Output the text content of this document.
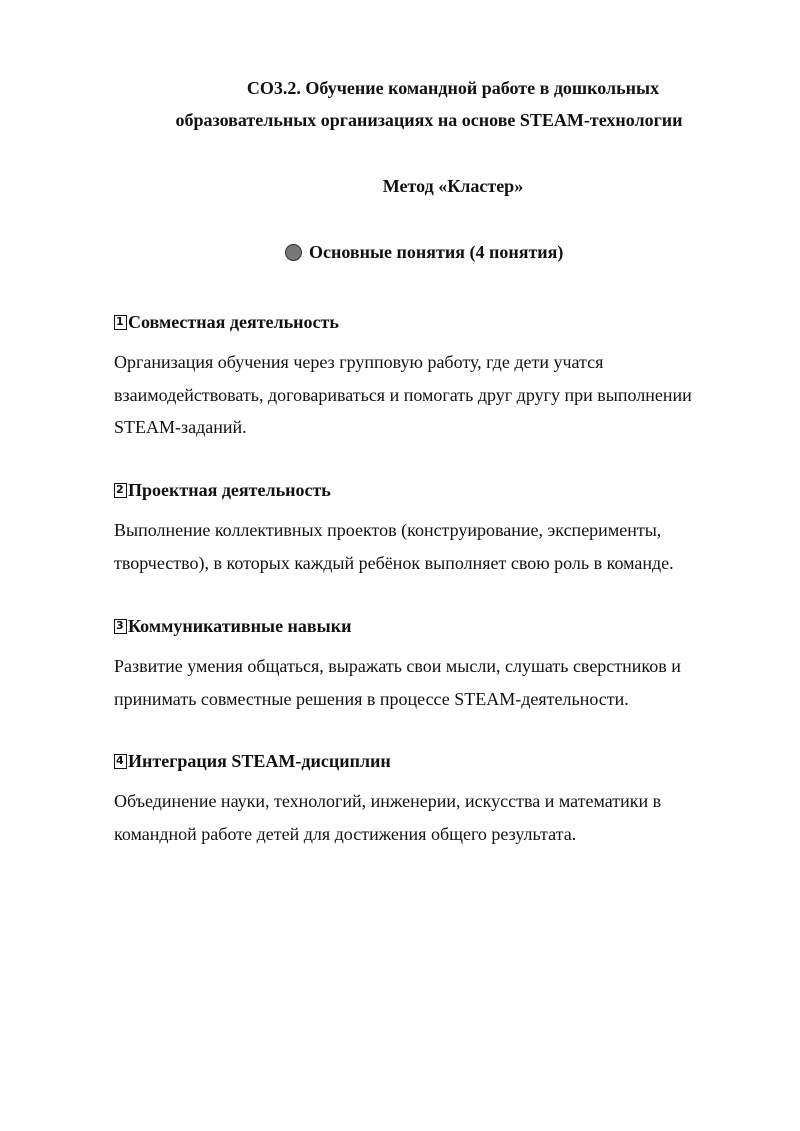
СО3.2. Обучение командной работе в дошкольных
образовательных организациях на основе STEAM-технологии
Метод «Кластер»
Основные понятия (4 понятия)
1 Совместная деятельность

Организация обучения через групповую работу, где дети учатся взаимодействовать, договариваться и помогать друг другу при выполнении STEAM-заданий.

2 Проектная деятельность

Выполнение коллективных проектов (конструирование, эксперименты, творчество), в которых каждый ребёнок выполняет свою роль в команде.

3 Коммуникативные навыки

Развитие умения общаться, выражать свои мысли, слушать сверстников и принимать совместные решения в процессе STEAM-деятельности.

4 Интеграция STEAM-дисциплин

Объединение науки, технологий, инженерии, искусства и математики в командной работе детей для достижения общего результата.
